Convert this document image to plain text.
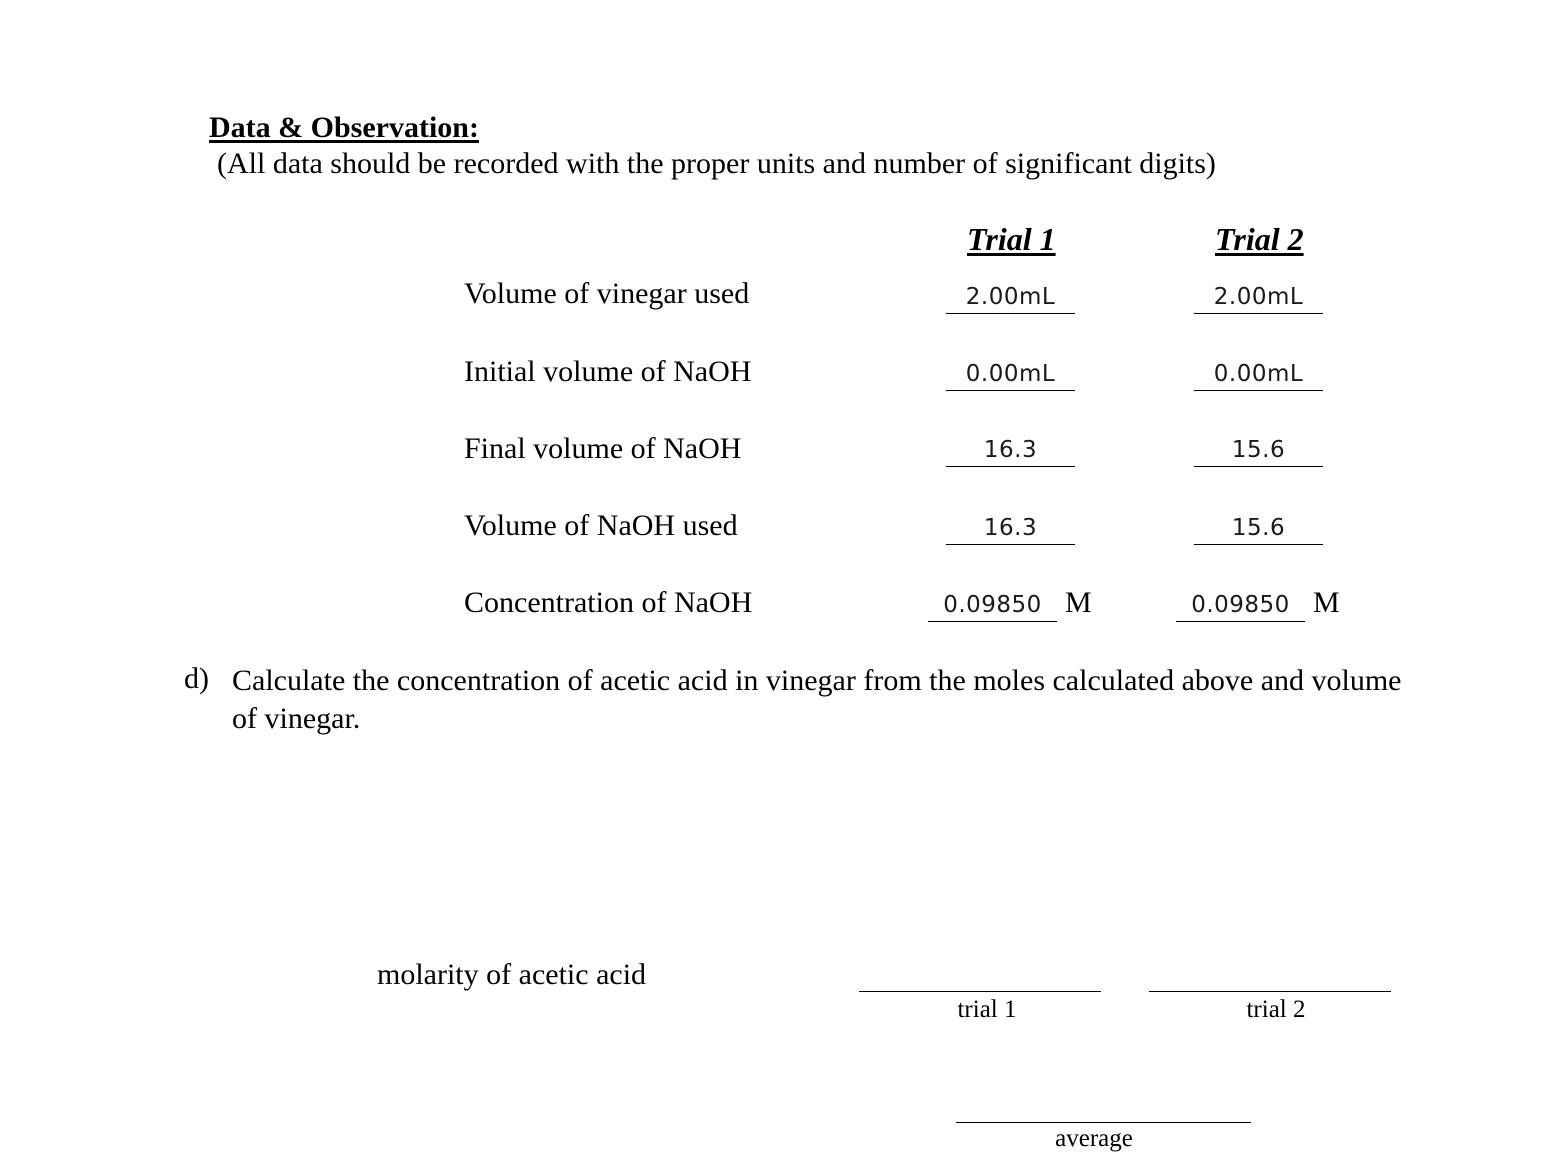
Data & Observation:
(All data should be recorded with the proper units and number of significant digits)
Trial 1	Trial 2
Volume of vinegar used	2.00mL	2.00mL
Initial volume of NaOH	0.00mL	0.00mL
Final volume of NaOH	16.3	15.6
Volume of NaOH used	16.3	15.6
Concentration of NaOH	0.09850 M	0.09850 M
d) Calculate the concentration of acetic acid in vinegar from the moles calculated above and volume of vinegar.
molarity of acetic acid
trial 1	trial 2
average
